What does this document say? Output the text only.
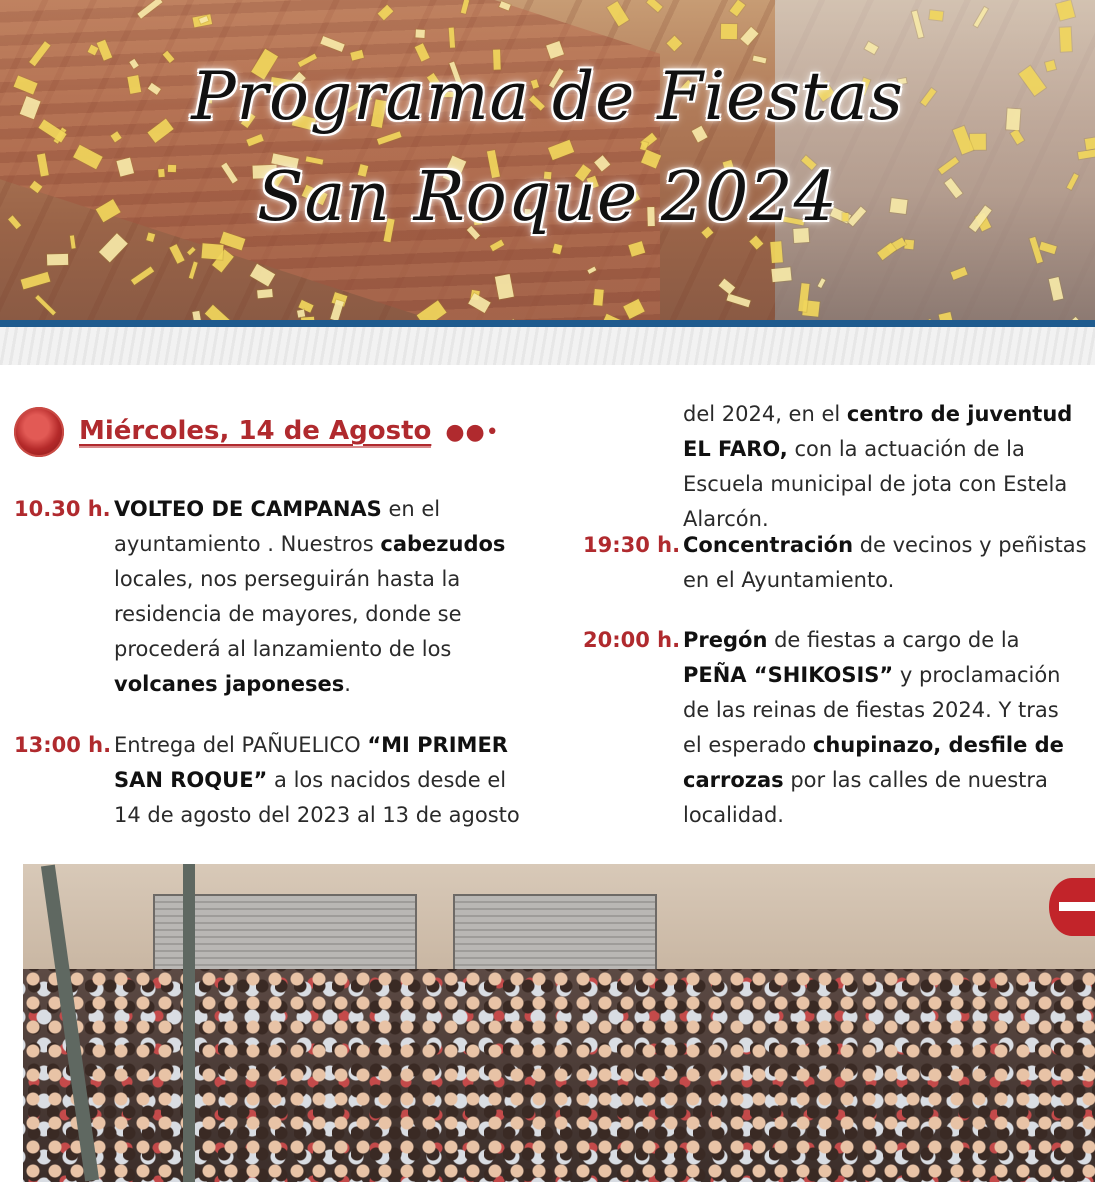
Programa de Fiestas
San Roque 2024
Miércoles, 14 de Agosto ●●•
10.30 h. VOLTEO DE CAMPANAS en el ayuntamiento . Nuestros cabezudos locales, nos perseguirán hasta la residencia de mayores, donde se procederá al lanzamiento de los volcanes japoneses.
13:00 h. Entrega del PAÑUELICO “MI PRIMER SAN ROQUE” a los nacidos desde el 14 de agosto del 2023 al 13 de agosto
del 2024, en el centro de juventud EL FARO, con la actuación de la Escuela municipal de jota con Estela Alarcón.
19:30 h. Concentración de vecinos y peñistas en el Ayuntamiento.
20:00 h. Pregón de fiestas a cargo de la PEÑA “SHIKOSIS” y proclamación de las reinas de fiestas 2024. Y tras el esperado chupinazo, desfile de carrozas por las calles de nuestra localidad.
